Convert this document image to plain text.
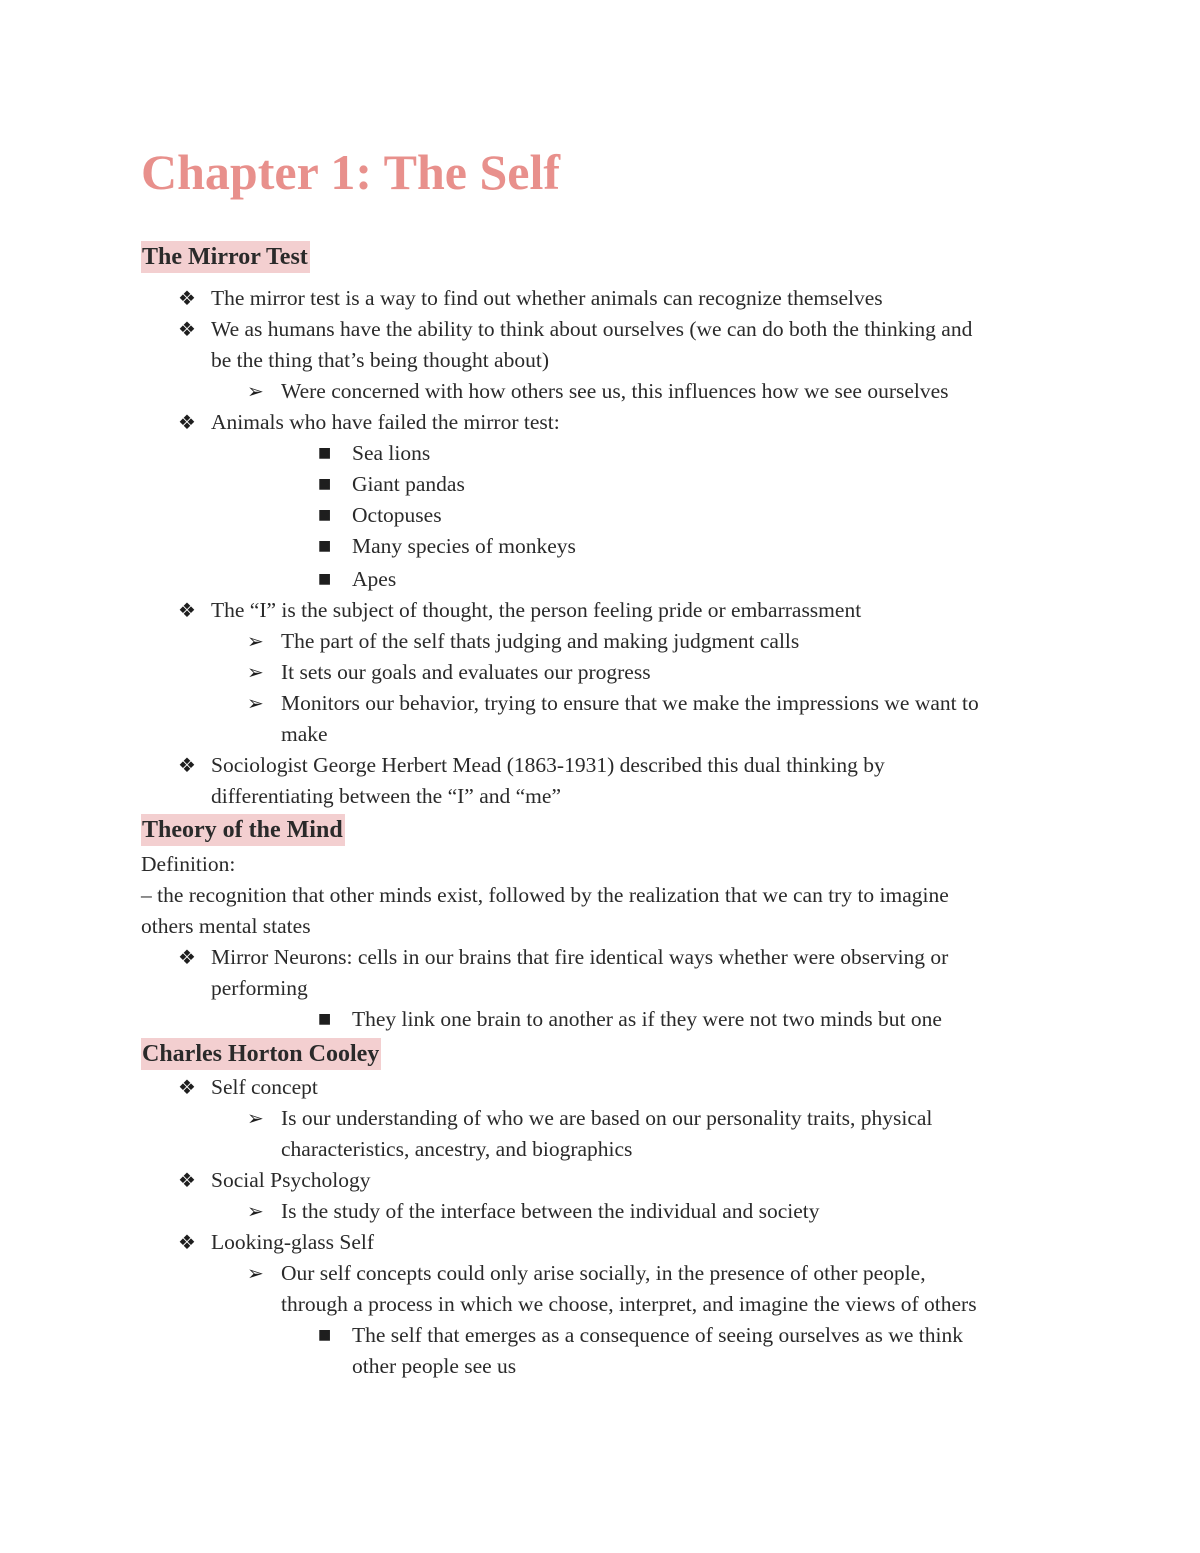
Chapter 1: The Self
The Mirror Test
❖ The mirror test is a way to find out whether animals can recognize themselves
❖ We as humans have the ability to think about ourselves (we can do both the thinking and
be the thing that’s being thought about)
➢ Were concerned with how others see us, this influences how we see ourselves
❖ Animals who have failed the mirror test:
■ Sea lions
■ Giant pandas
■ Octopuses
■ Many species of monkeys
■ Apes
❖ The “I” is the subject of thought, the person feeling pride or embarrassment
➢ The part of the self thats judging and making judgment calls
➢ It sets our goals and evaluates our progress
➢ Monitors our behavior, trying to ensure that we make the impressions we want to
make
❖ Sociologist George Herbert Mead (1863-1931) described this dual thinking by
differentiating between the “I” and “me”
Theory of the Mind
Definition:
– the recognition that other minds exist, followed by the realization that we can try to imagine
others mental states
❖ Mirror Neurons: cells in our brains that fire identical ways whether were observing or
performing
■ They link one brain to another as if they were not two minds but one
Charles Horton Cooley
❖ Self concept
➢ Is our understanding of who we are based on our personality traits, physical
characteristics, ancestry, and biographics
❖ Social Psychology
➢ Is the study of the interface between the individual and society
❖ Looking-glass Self
➢ Our self concepts could only arise socially, in the presence of other people,
through a process in which we choose, interpret, and imagine the views of others
■ The self that emerges as a consequence of seeing ourselves as we think
other people see us
